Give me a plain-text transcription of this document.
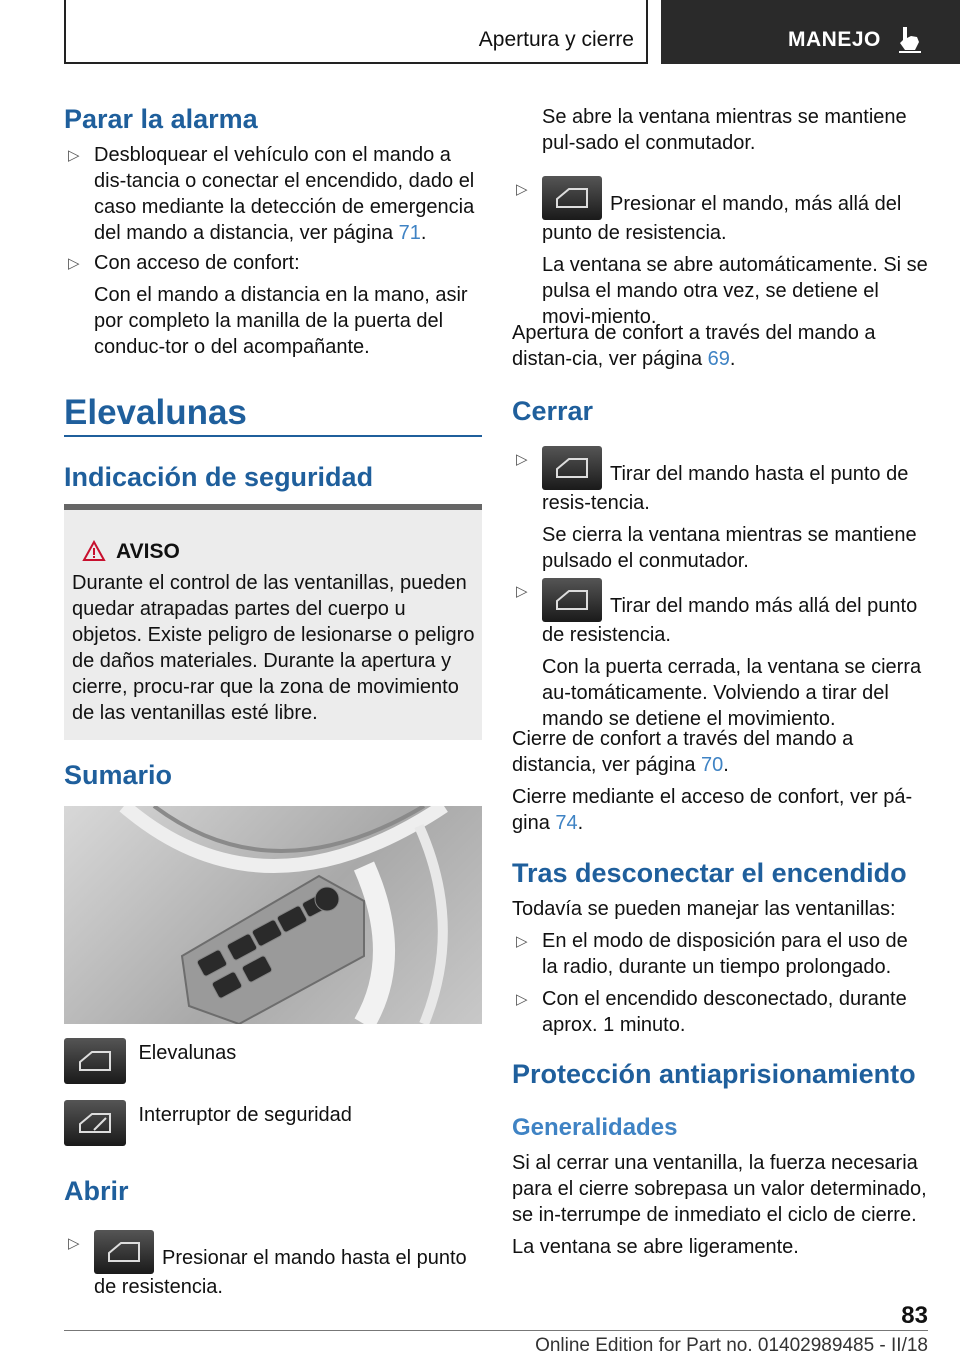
Apertura y cierre	MANEJO
Parar la alarma
▷ Desbloquear el vehículo con el mando a dis-tancia o conectar el encendido, dado el caso mediante la detección de emergencia del mando a distancia, ver página 71.

▷ Con acceso de confort:

Con el mando a distancia en la mano, asir por completo la manilla de la puerta del conduc-tor o del acompañante.

Elevalunas
Indicación de seguridad
AVISO

Durante el control de las ventanillas, pueden quedar atrapadas partes del cuerpo u objetos. Existe peligro de lesionarse o peligro de daños materiales. Durante la apertura y cierre, procu-rar que la zona de movimiento de las ventanillas esté libre.

Sumario
Elevalunas
Interruptor de seguridad
Abrir
▷

Presionar el mando hasta el punto de resistencia.

Se abre la ventana mientras se mantiene pul-sado el conmutador.

▷

Presionar el mando, más allá del punto de resistencia.

La ventana se abre automáticamente. Si se pulsa el mando otra vez, se detiene el movi-miento.

Apertura de confort a través del mando a distan-cia, ver página 69.

Cerrar
▷

Tirar del mando hasta el punto de resis-tencia.

Se cierra la ventana mientras se mantiene pulsado el conmutador.

▷

Tirar del mando más allá del punto de resistencia.

Con la puerta cerrada, la ventana se cierra au-tomáticamente. Volviendo a tirar del mando se detiene el movimiento.

Cierre de confort a través del mando a distancia, ver página 70.

Cierre mediante el acceso de confort, ver pá-gina 74.

Tras desconectar el encendido

Todavía se pueden manejar las ventanillas:

▷ En el modo de disposición para el uso de la radio, durante un tiempo prolongado.

▷ Con el encendido desconectado, durante aprox. 1 minuto.

Protección antiaprisionamiento
Generalidades

Si al cerrar una ventanilla, la fuerza necesaria para el cierre sobrepasa un valor determinado, se in-terrumpe de inmediato el ciclo de cierre.

La ventana se abre ligeramente.

83
Online Edition for Part no. 01402989485 - II/18
